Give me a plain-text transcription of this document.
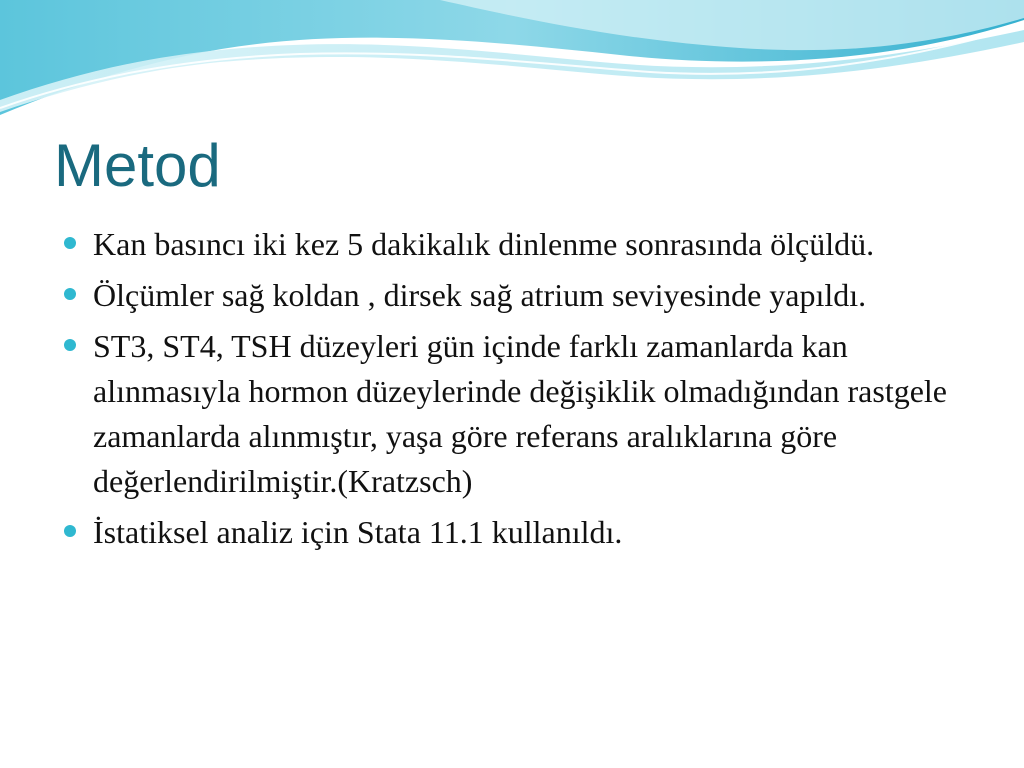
Metod
Kan basıncı iki kez 5 dakikalık dinlenme sonrasında ölçüldü.
Ölçümler sağ koldan , dirsek sağ atrium seviyesinde yapıldı.
ST3, ST4, TSH düzeyleri gün içinde farklı zamanlarda kan alınmasıyla hormon düzeylerinde değişiklik olmadığından rastgele zamanlarda alınmıştır, yaşa göre referans aralıklarına göre değerlendirilmiştir.(Kratzsch)
İstatiksel analiz için Stata 11.1 kullanıldı.
